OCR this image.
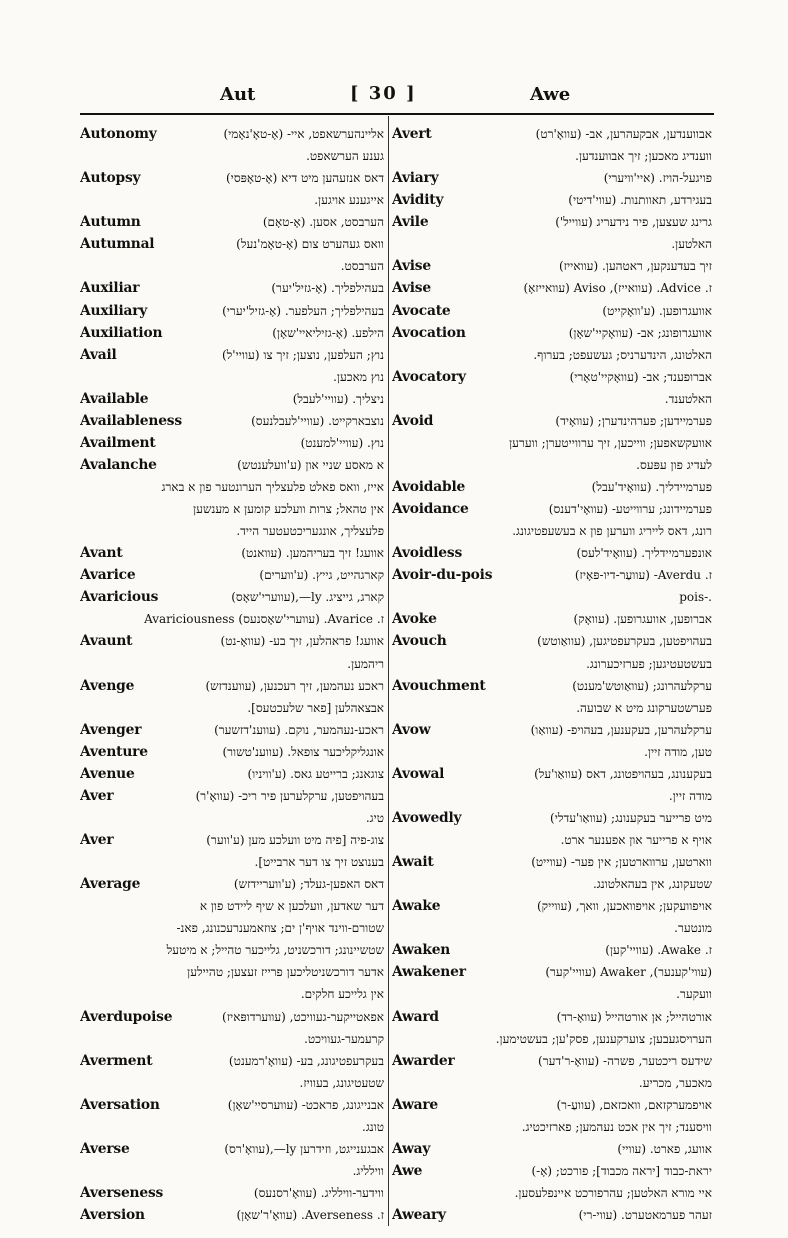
Aut	[ 30 ]	Awe
Autonomy	אליינהערשאפט, איי- (אָ-טאָ'נאָמי)
גענע הערשאפט.
Autopsy	דאס אנזעהען מיט דיא (אָ-טאָפּסי)
אייגענע אויגען.
Autumn	הערבסט, אסען. (אָ-טאָם)
Autumnal	וואס געהערט צום (אָ-טאָמ'נעל)
הערבסט.
Auxiliar	בעהילפליך. (אָ-גזיל'יער)
Auxiliary	בעהילפליך; העלפער. (אָ-גזיל'יערי)
Auxiliation	הילפע. (אָ-גזיליאיי'שאָן)
Avail	נוץ; העלפען, נוצען; זיך צו (עוויי'ל)
נוץ מאכען.
Available	ניצליך. (עוויי'לעבל)
Availableness	נוצבארקייט. (עוויי'לעבלנעס)
Availment	נוץ. (עוויי'למענט)
Avalanche	א מאסע שניי און (ע'וועלענטש)
אייז, וואס פאלט פלעצליך הערונטער פון א בארג
אין טהאל; צרות וועלכע קומען א מענשען
פלעצליך, אונגעריכטעטער הייד.
Avant	אוועג! זיך בעריהמען. (עוואנט)
Avarice	קארגהייט, גייץ. (ע'ווערים)
Avaricious	קארג, גייציג. ly—,(עווערי'שאָס)
ז. Avarice. (עווערי'שאָסנעס) Avariciousness
Avaunt	אוועג! פראהלען, זיך בע- (עוואָ-נט)
ריהמען.
Avenge	ראכע נעהמען, זיך רעכנען, (עווענדזש)
אבצאהלען [פאר שלעכטעס].
Avenger	ראכע-נעהמער, נוקם. (עווענ'דזשער)
Aventure	אונגליקליכער צופאל. (עווענ'טשור)
Avenue	צוגאנג; ברייטע גאס. (ע'וויניו)
Aver	בעהויפטען, ערקלערען פיר ריכ- (עוואָ'ר)
טיג.
Aver	צוג-פיה [פיה מיט וועלכע מען (ע'ווער)
בענוצט זיך צו דער ארבייט].
Average	דאס האפען-געלד; (ע'וועריידזש)
דער שאדען, וועלכען א שיף ליידט פון א
שטורם-ווינד אויף'ן ים; צוזאמענרעכנונג, פאנ-
שטשיינונג; דורכשניט, גלייכער טהייל; א מיטעל
אדער דורכשניטליכען פרייז זעצען; טהיילען
אין גלייכע חלקים.
Averdupoise	אפאטייקער-געוויכט, (עווערדופּאיז)
קרעמער-געוויכט.
Averment	בעקרעפטיגונג, בע- (עוואָ'רמענט)
שטעטיגונג, בעוויז.
Aversation	אבנייגונג, פראכט- (עווערסיי'שאָן)
טונג.
Averse	אבגענייגט, וזידרען ly—,(עוואָ'רס)
ווילליג.
Averseness	ווידער-ווילליג. (עוואָ'רסנעס)
Aversion	ז. Averseness. (עוואָ'ר'שאָן)
Avert	אבווענדען, אבקעהרען, אב- (עוואָ'רט)
ווענדיג מאכען; זיך אבווענדען.
Aviary	פויגעל-הויז. (איי'וויערי)
Avidity	בעגירדע, תאוותנות. (עווי'דיטי)
Avile	גרינג שעצען, פיר נידעריג (עווייל')
האלטען.
Avise	זיך בעדענקען, ראטהען. (עוואייז)
Avise	ז. Advice. (עוואייז), Aviso (עוואייזאָ)
Avocate	אוועגרופען. (ע'וואָקייט)
Avocation	אוועגרופונג; אב- (עוואָקיי'שאָן)
האלטונג, הינדערניס; געשעפט; בערוף.
Avocatory	אברופענד; אב- (עוואָקיי'טאָרי)
האלטענד.
Avoid	פערמיידען; פערהינדערן; (עוואָיד)
אוועקשאפען; ווייכען, זיך ערווייטערן; ווערען
לעדיג פון עפּעס.
Avoidable	פערמיידליך. (עוואָיד'עבל)
Avoidance	פערמיידונג; ערווייטע- (עוואָי'דענס)
רונג, דאס לייריג ווערען פון א בעשעפטיגונג.
Avoidless	אונפערמיידליך. (עוואָיד'לעס)
Avoir-du-pois	ז. Averdu- (עוועַר-דיו-פּאָיז)
pois-.
Avoke	אברופען, אוועגרופען. (עוואָק)
Avouch	בעהויפטען, בעקרעפטיגען, (עוואַוטש)
בעשטעטיגען; פערזיכערונג.
Avouchment	ערקלעהרונג; (עוואַוטש'מענט)
פערשטערקונג מיט א שבועה.
Avow	ערקלעהרען, בעקענען, בעהויפ- (עוואַו)
טען, מודה זיין.
Avowal	בעקענונג, בעהויפטונג, דאס (עוואַו'על)
מודה זיין.
Avowedly	מיט פרייער בעקענונג; (עוואַו'עדלי)
אויף א פרייער און אפענער ארט.
Await	ווארטען, ערווארטען; אין פער- (עווייט)
שטעקונג, אין בעהאלטונג.
Awake	אויפוועקען; אויפוואכען, וואך, (עווייק)
מונטער.
Awaken	ז. Awake. (עוויי'קען)
Awakener	(עווי'קענער), Awaker (עוויי'קער)
וועקער.
Award	אורטהייל; אן אורטהייל (עוואָ-רד)
הערויסגעבען; צוערקענען, פסק'ען; בעשטימען.
Awarder	שידעס ריכטער, פשרה- (עוואָ-ר'דער)
מאכער, מכריע.
Aware	אויפמערקזאם, וואכזאם, (עוועַ-ר)
וויסענד; זיך אין אכט נעהמען; פארזיכטיג.
Away	אוועג, פארט. (עוויי)
Awe	יראת-כבוד [יראה מכבוד]; פורכט; (אָ-)
איי מורא האלטען; עהרפורכט איינפלעסען.
Aweary	זעהר פערמאטערט. (עווי-רי)
